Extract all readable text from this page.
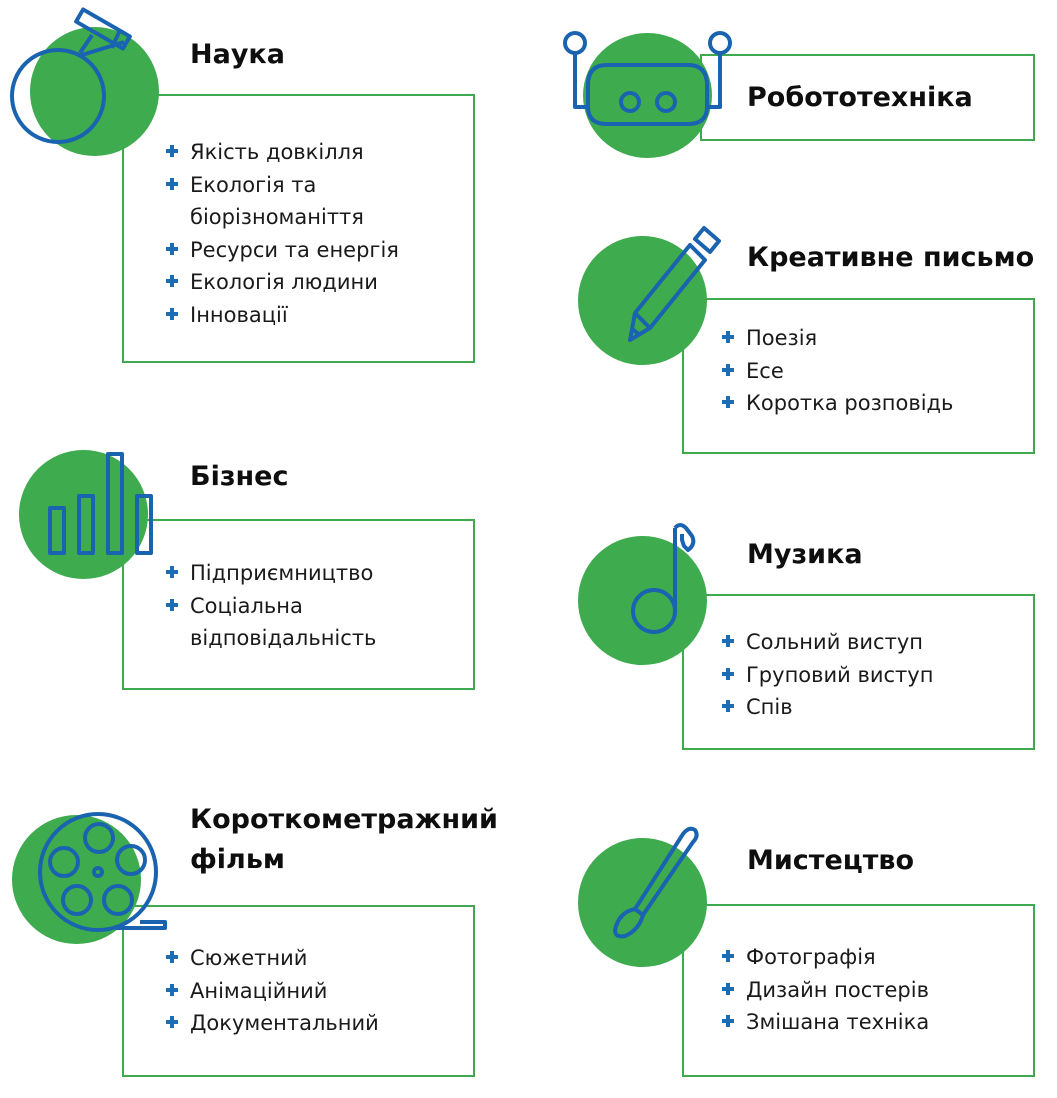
Наука
Якість довкілля
Екологія та біорізноманіття
Ресурси та енергія
Екологія людини
Інновації
Робототехніка
Креативне письмо
Поезія
Есе
Коротка розповідь
Бізнес
Підприємництво
Соціальна відповідальність
Музика
Сольний виступ
Груповий виступ
Спів
Короткометражний фільм
Сюжетний
Анімаційний
Документальний
Мистецтво
Фотографія
Дизайн постерів
Змішана техніка
